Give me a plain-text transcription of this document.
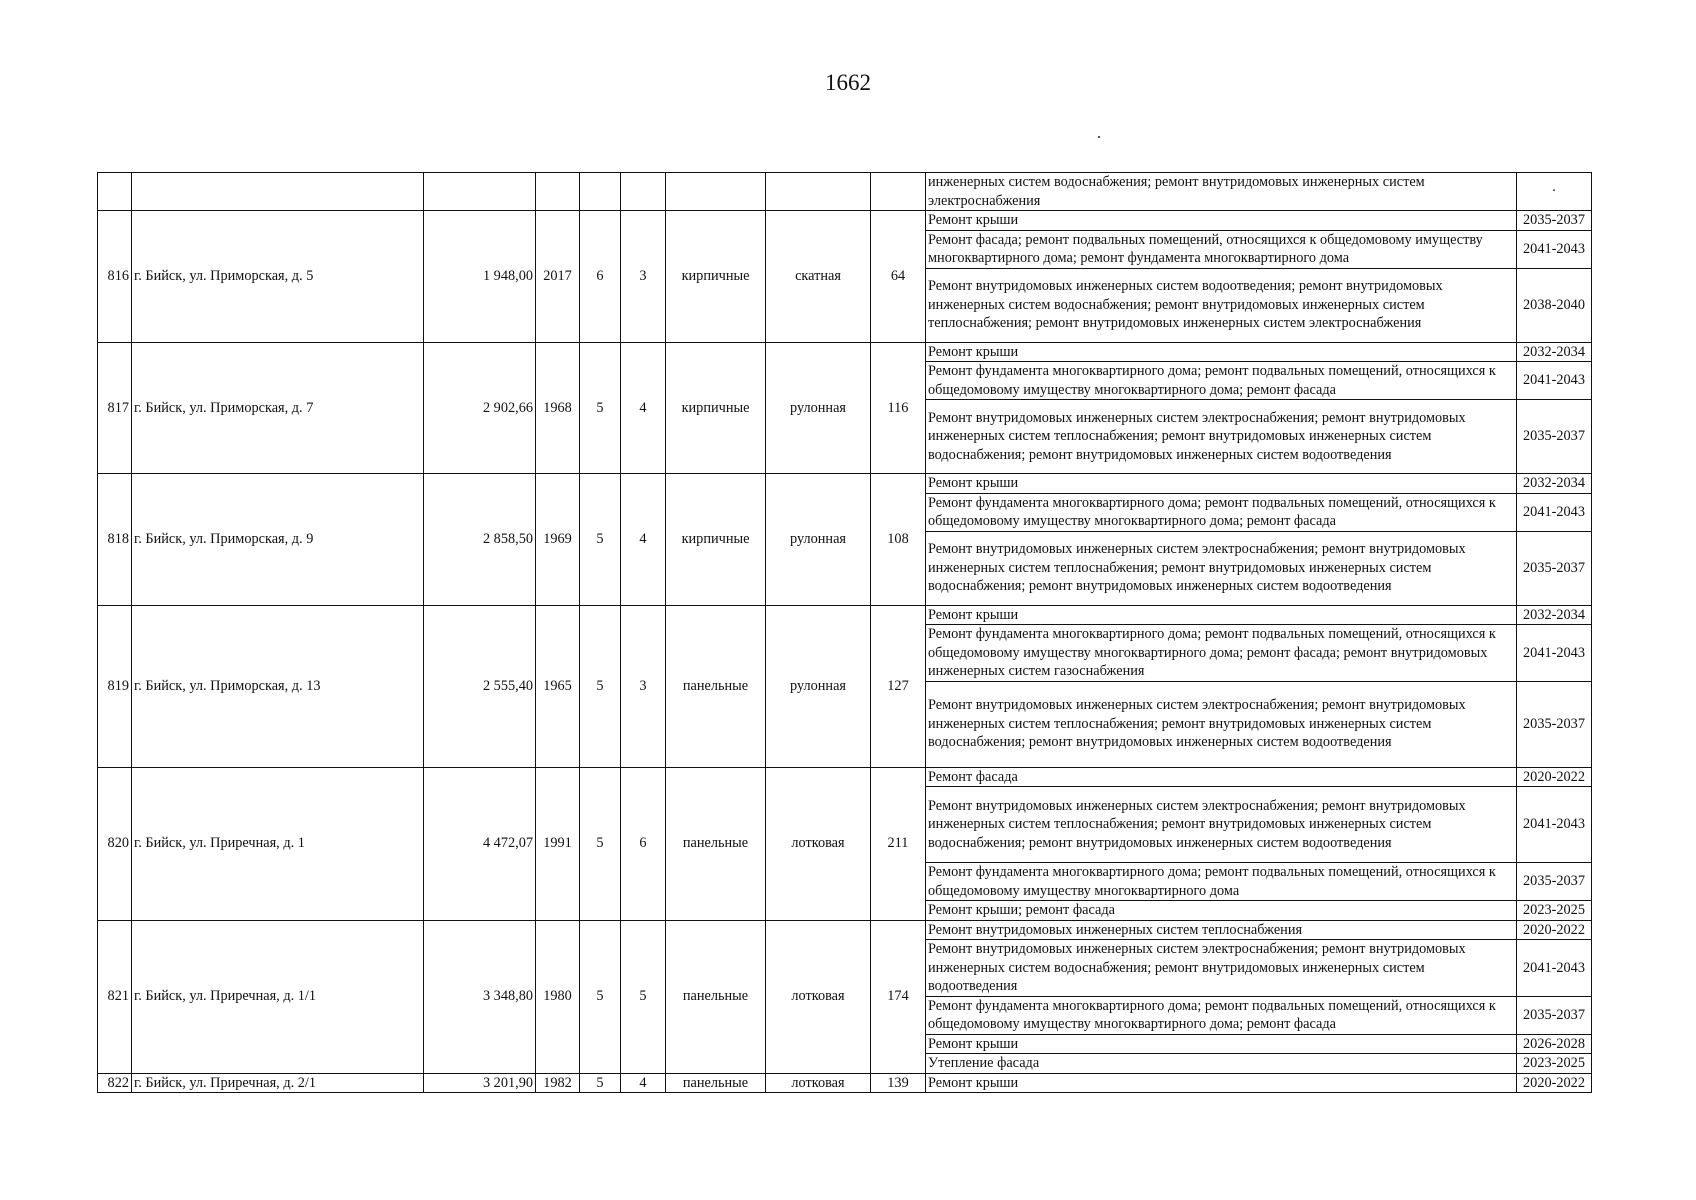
1662
									инженерных систем водоснабжения; ремонт внутридомовых инженерных систем электроснабжения	·
816	г. Бийск, ул. Приморская, д. 5	1 948,00	2017	6	3	кирпичные	скатная	64	Ремонт крыши	2035-2037
									Ремонт фасада; ремонт подвальных помещений, относящихся к общедомовому имуществу многоквартирного дома; ремонт фундамента многоквартирного дома	2041-2043
									Ремонт внутридомовых инженерных систем водоотведения; ремонт внутридомовых инженерных систем водоснабжения; ремонт внутридомовых инженерных систем теплоснабжения; ремонт внутридомовых инженерных систем электроснабжения	2038-2040
817	г. Бийск, ул. Приморская, д. 7	2 902,66	1968	5	4	кирпичные	рулонная	116	Ремонт крыши	2032-2034
									Ремонт фундамента многоквартирного дома; ремонт подвальных помещений, относящихся к общедомовому имуществу многоквартирного дома; ремонт фасада	2041-2043
									Ремонт внутридомовых инженерных систем электроснабжения; ремонт внутридомовых инженерных систем теплоснабжения; ремонт внутридомовых инженерных систем водоснабжения; ремонт внутридомовых инженерных систем водоотведения	2035-2037
818	г. Бийск, ул. Приморская, д. 9	2 858,50	1969	5	4	кирпичные	рулонная	108	Ремонт крыши	2032-2034
									Ремонт фундамента многоквартирного дома; ремонт подвальных помещений, относящихся к общедомовому имуществу многоквартирного дома; ремонт фасада	2041-2043
									Ремонт внутридомовых инженерных систем электроснабжения; ремонт внутридомовых инженерных систем теплоснабжения; ремонт внутридомовых инженерных систем водоснабжения; ремонт внутридомовых инженерных систем водоотведения	2035-2037
819	г. Бийск, ул. Приморская, д. 13	2 555,40	1965	5	3	панельные	рулонная	127	Ремонт крыши	2032-2034
									Ремонт фундамента многоквартирного дома; ремонт подвальных помещений, относящихся к общедомовому имуществу многоквартирного дома; ремонт фасада; ремонт внутридомовых инженерных систем газоснабжения	2041-2043
									Ремонт внутридомовых инженерных систем электроснабжения; ремонт внутридомовых инженерных систем теплоснабжения; ремонт внутридомовых инженерных систем водоснабжения; ремонт внутридомовых инженерных систем водоотведения	2035-2037
820	г. Бийск, ул. Приречная, д. 1	4 472,07	1991	5	6	панельные	лотковая	211	Ремонт фасада	2020-2022
									Ремонт внутридомовых инженерных систем электроснабжения; ремонт внутридомовых инженерных систем теплоснабжения; ремонт внутридомовых инженерных систем водоснабжения; ремонт внутридомовых инженерных систем водоотведения	2041-2043
									Ремонт фундамента многоквартирного дома; ремонт подвальных помещений, относящихся к общедомовому имуществу многоквартирного дома	2035-2037
									Ремонт крыши; ремонт фасада	2023-2025
821	г. Бийск, ул. Приречная, д. 1/1	3 348,80	1980	5	5	панельные	лотковая	174	Ремонт внутридомовых инженерных систем теплоснабжения	2020-2022
									Ремонт внутридомовых инженерных систем электроснабжения; ремонт внутридомовых инженерных систем водоснабжения; ремонт внутридомовых инженерных систем водоотведения	2041-2043
									Ремонт фундамента многоквартирного дома; ремонт подвальных помещений, относящихся к общедомовому имуществу многоквартирного дома; ремонт фасада	2035-2037
									Ремонт крыши	2026-2028
									Утепление фасада	2023-2025
822	г. Бийск, ул. Приречная, д. 2/1	3 201,90	1982	5	4	панельные	лотковая	139	Ремонт крыши	2020-2022
